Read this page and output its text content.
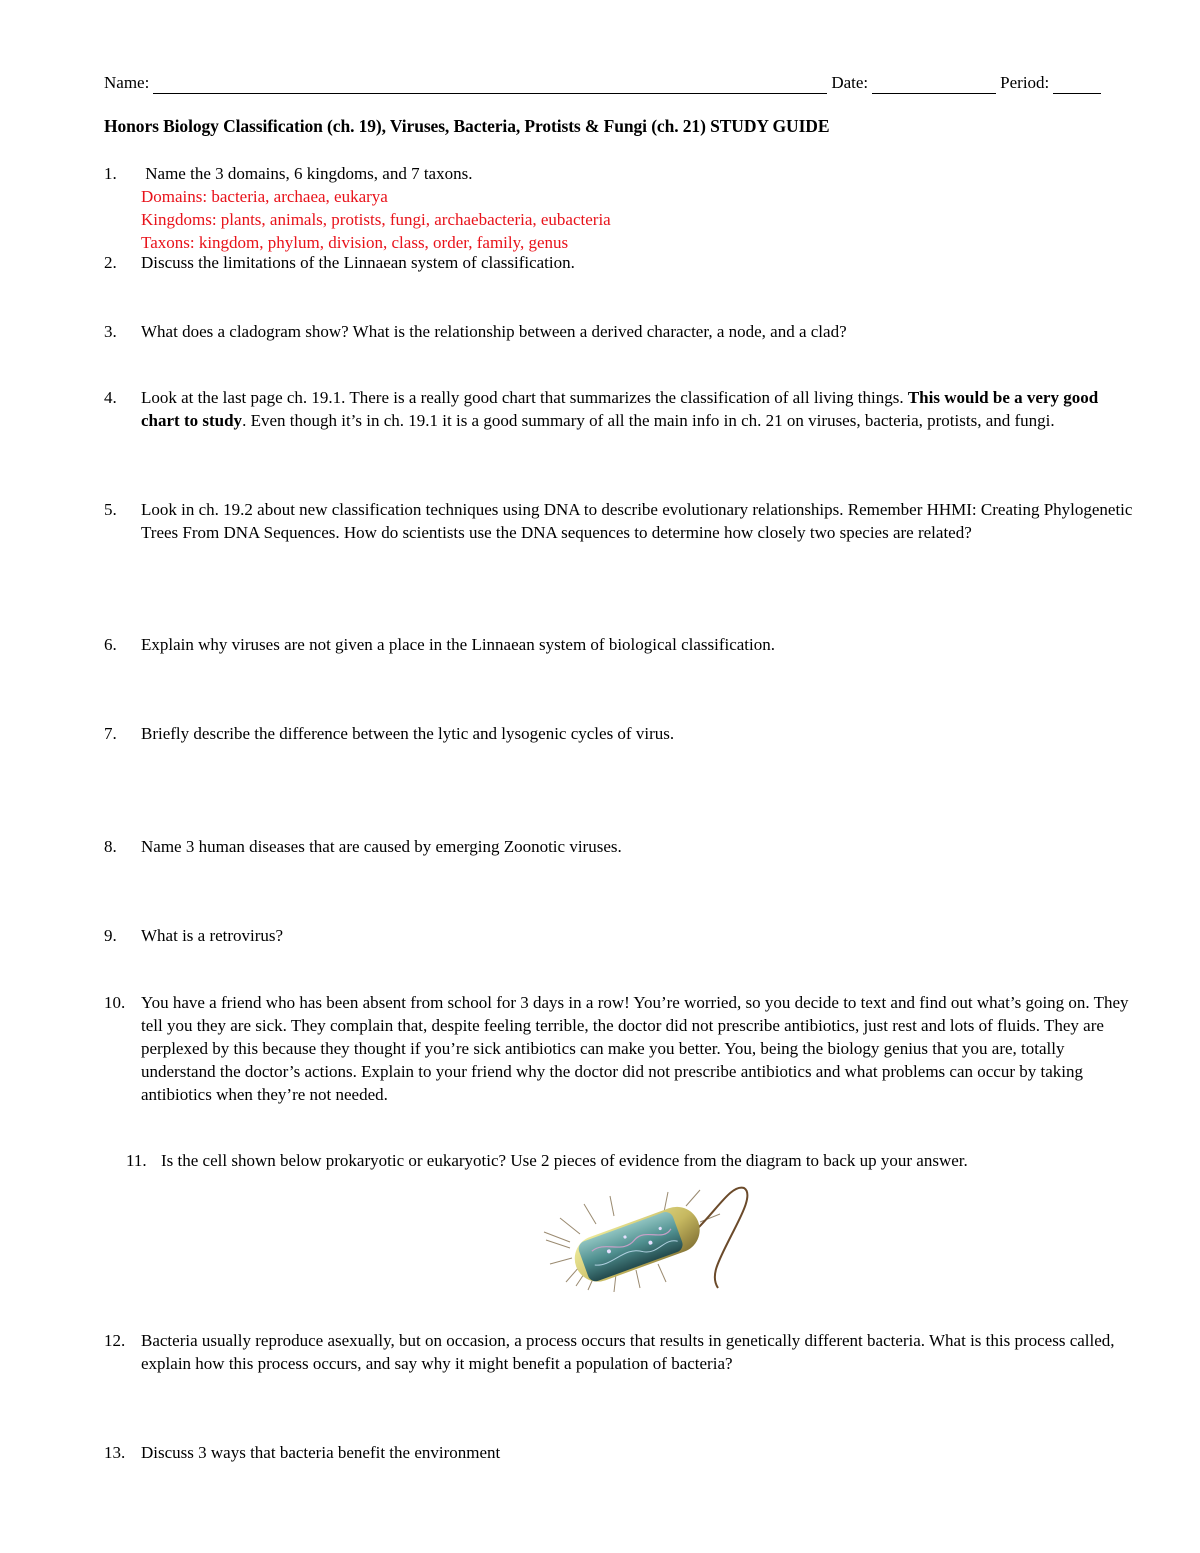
Name:	Date:	Period:
Honors Biology Classification (ch. 19), Viruses, Bacteria, Protists & Fungi (ch. 21) STUDY GUIDE
1. Name the 3 domains, 6 kingdoms, and 7 taxons.
Domains: bacteria, archaea, eukarya
Kingdoms: plants, animals, protists, fungi, archaebacteria, eubacteria
Taxons: kingdom, phylum, division, class, order, family, genus
2. Discuss the limitations of the Linnaean system of classification.
3. What does a cladogram show? What is the relationship between a derived character, a node, and a clad?
4. Look at the last page ch. 19.1. There is a really good chart that summarizes the classification of all living things. This would be a very good chart to study. Even though it’s in ch. 19.1 it is a good summary of all the main info in ch. 21 on viruses, bacteria, protists, and fungi.
5. Look in ch. 19.2 about new classification techniques using DNA to describe evolutionary relationships. Remember HHMI: Creating Phylogenetic Trees From DNA Sequences. How do scientists use the DNA sequences to determine how closely two species are related?
6. Explain why viruses are not given a place in the Linnaean system of biological classification.
7. Briefly describe the difference between the lytic and lysogenic cycles of virus.
8. Name 3 human diseases that are caused by emerging Zoonotic viruses.
9. What is a retrovirus?
10. You have a friend who has been absent from school for 3 days in a row! You’re worried, so you decide to text and find out what’s going on. They tell you they are sick. They complain that, despite feeling terrible, the doctor did not prescribe antibiotics, just rest and lots of fluids. They are perplexed by this because they thought if you’re sick antibiotics can make you better. You, being the biology genius that you are, totally understand the doctor’s actions. Explain to your friend why the doctor did not prescribe antibiotics and what problems can occur by taking antibiotics when they’re not needed.
11. Is the cell shown below prokaryotic or eukaryotic? Use 2 pieces of evidence from the diagram to back up your answer.
12. Bacteria usually reproduce asexually, but on occasion, a process occurs that results in genetically different bacteria. What is this process called, explain how this process occurs, and say why it might benefit a population of bacteria?
13. Discuss 3 ways that bacteria benefit the environment
